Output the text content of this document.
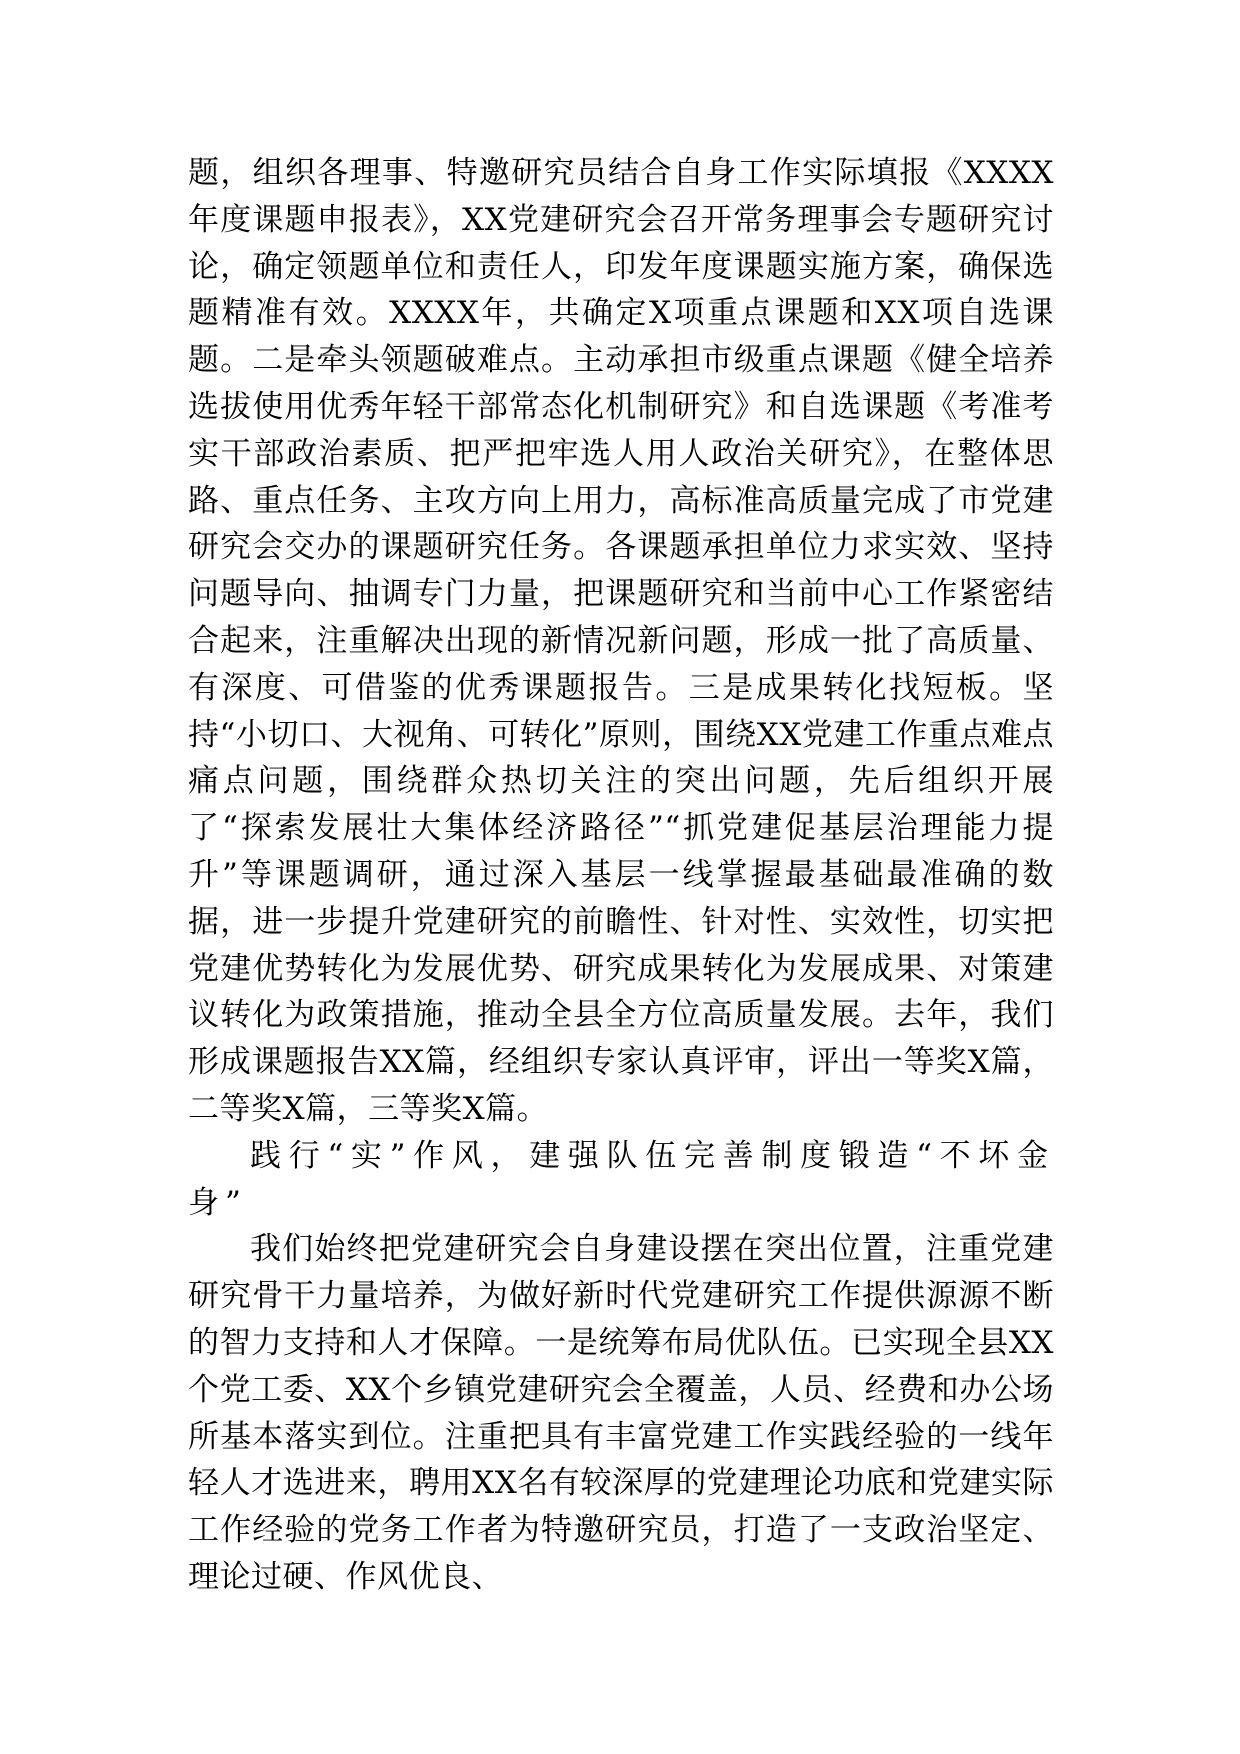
题，组织各理事、特邀研究员结合自身工作实际填报《XXXX年度课题申报表》，XX党建研究会召开常务理事会专题研究讨论，确定领题单位和责任人，印发年度课题实施方案，确保选题精准有效。XXXX年，共确定X项重点课题和XX项自选课题。二是牵头领题破难点。主动承担市级重点课题《健全培养选拔使用优秀年轻干部常态化机制研究》和自选课题《考准考实干部政治素质、把严把牢选人用人政治关研究》，在整体思路、重点任务、主攻方向上用力，高标准高质量完成了市党建研究会交办的课题研究任务。各课题承担单位力求实效、坚持问题导向、抽调专门力量，把课题研究和当前中心工作紧密结合起来，注重解决出现的新情况新问题，形成一批了高质量、有深度、可借鉴的优秀课题报告。三是成果转化找短板。坚持“小切口、大视角、可转化”原则，围绕XX党建工作重点难点痛点问题，围绕群众热切关注的突出问题，先后组织开展了“探索发展壮大集体经济路径”“抓党建促基层治理能力提升”等课题调研，通过深入基层一线掌握最基础最准确的数据，进一步提升党建研究的前瞻性、针对性、实效性，切实把党建优势转化为发展优势、研究成果转化为发展成果、对策建议转化为政策措施，推动全县全方位高质量发展。去年，我们形成课题报告XX篇，经组织专家认真评审，评出一等奖X篇，二等奖X篇，三等奖X篇。

践行“实”作风，建强队伍完善制度锻造“不坏金身”

我们始终把党建研究会自身建设摆在突出位置，注重党建研究骨干力量培养，为做好新时代党建研究工作提供源源不断的智力支持和人才保障。一是统筹布局优队伍。已实现全县XX个党工委、XX个乡镇党建研究会全覆盖，人员、经费和办公场所基本落实到位。注重把具有丰富党建工作实践经验的一线年轻人才选进来，聘用XX名有较深厚的党建理论功底和党建实际工作经验的党务工作者为特邀研究员，打造了一支政治坚定、理论过硬、作风优良、
